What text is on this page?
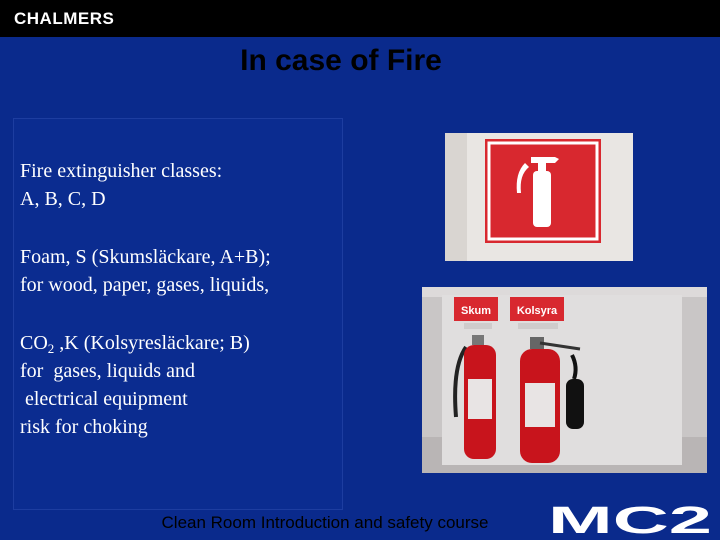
CHALMERS
In case of Fire
Fire extinguisher classes:
A, B, C, D
Foam, S (Skumsläckare, A+B);
for wood, paper, gases, liquids,
$CO_2$ ,K (Kolsyresläckare; B)
for  gases, liquids and
electrical equipment
risk for choking
Skum Kolsyra
Clean Room Introduction and safety course	MC2
